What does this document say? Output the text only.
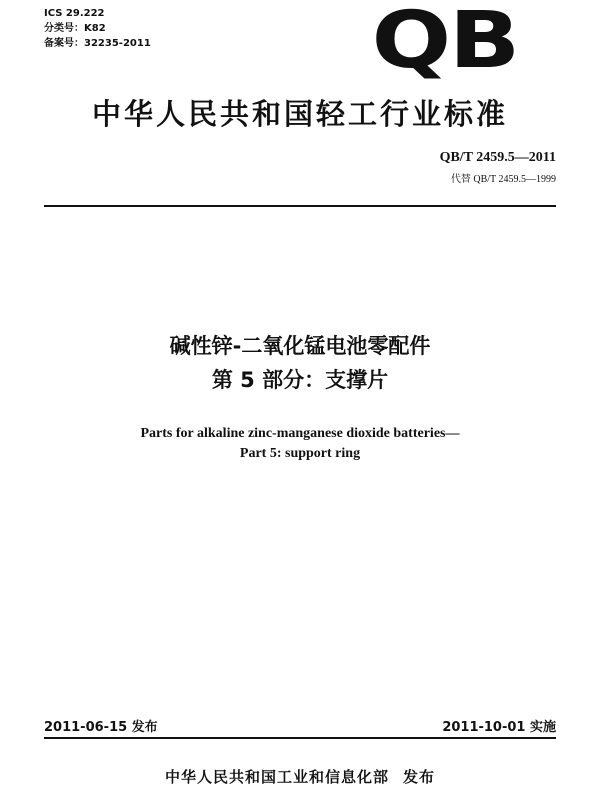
ICS 29.222
分类号：K82
备案号：32235-2011	QB
中华人民共和国轻工行业标准
QB/T 2459.5—2011
代替 QB/T 2459.5—1999
碱性锌-二氧化锰电池零配件
第 5 部分：支撑片
Parts for alkaline zinc-manganese dioxide batteries—
Part 5: support ring
2011-06-15 发布	2011-10-01 实施
中华人民共和国工业和信息化部 发布
